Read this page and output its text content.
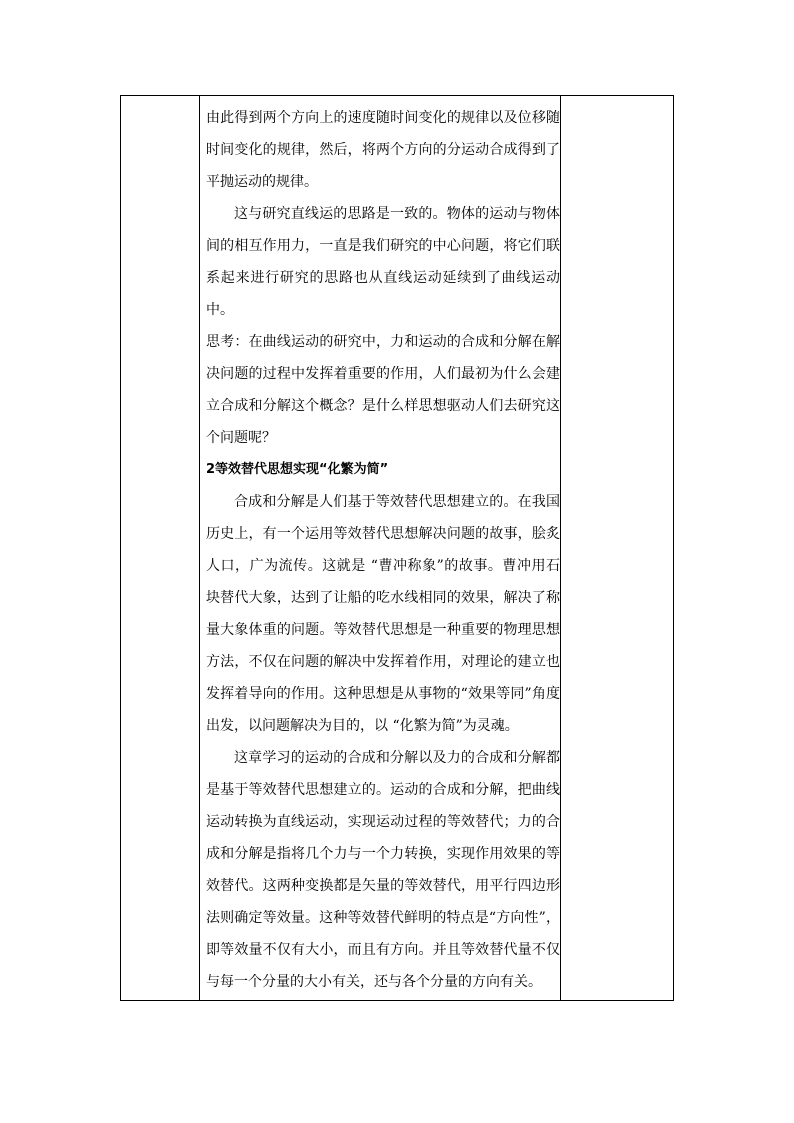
由此得到两个方向上的速度随时间变化的规律以及位移随时间变化的规律，然后，将两个方向的分运动合成得到了平抛运动的规律。

这与研究直线运的思路是一致的。物体的运动与物体间的相互作用力，一直是我们研究的中心问题，将它们联系起来进行研究的思路也从直线运动延续到了曲线运动中。

思考：在曲线运动的研究中，力和运动的合成和分解在解决问题的过程中发挥着重要的作用，人们最初为什么会建立合成和分解这个概念？是什么样思想驱动人们去研究这个问题呢？

2等效替代思想实现“化繁为简”

合成和分解是人们基于等效替代思想建立的。在我国历史上，有一个运用等效替代思想解决问题的故事，脍炙人口，广为流传。这就是 “曹冲称象”的故事。曹冲用石块替代大象，达到了让船的吃水线相同的效果，解决了称量大象体重的问题。等效替代思想是一种重要的物理思想方法，不仅在问题的解决中发挥着作用，对理论的建立也发挥着导向的作用。这种思想是从事物的“效果等同”角度出发，以问题解决为目的，以 “化繁为简”为灵魂。

这章学习的运动的合成和分解以及力的合成和分解都是基于等效替代思想建立的。运动的合成和分解，把曲线运动转换为直线运动，实现运动过程的等效替代；力的合成和分解是指将几个力与一个力转换，实现作用效果的等效替代。这两种变换都是矢量的等效替代，用平行四边形法则确定等效量。这种等效替代鲜明的特点是“方向性”，即等效量不仅有大小，而且有方向。并且等效替代量不仅与每一个分量的大小有关，还与各个分量的方向有关。
